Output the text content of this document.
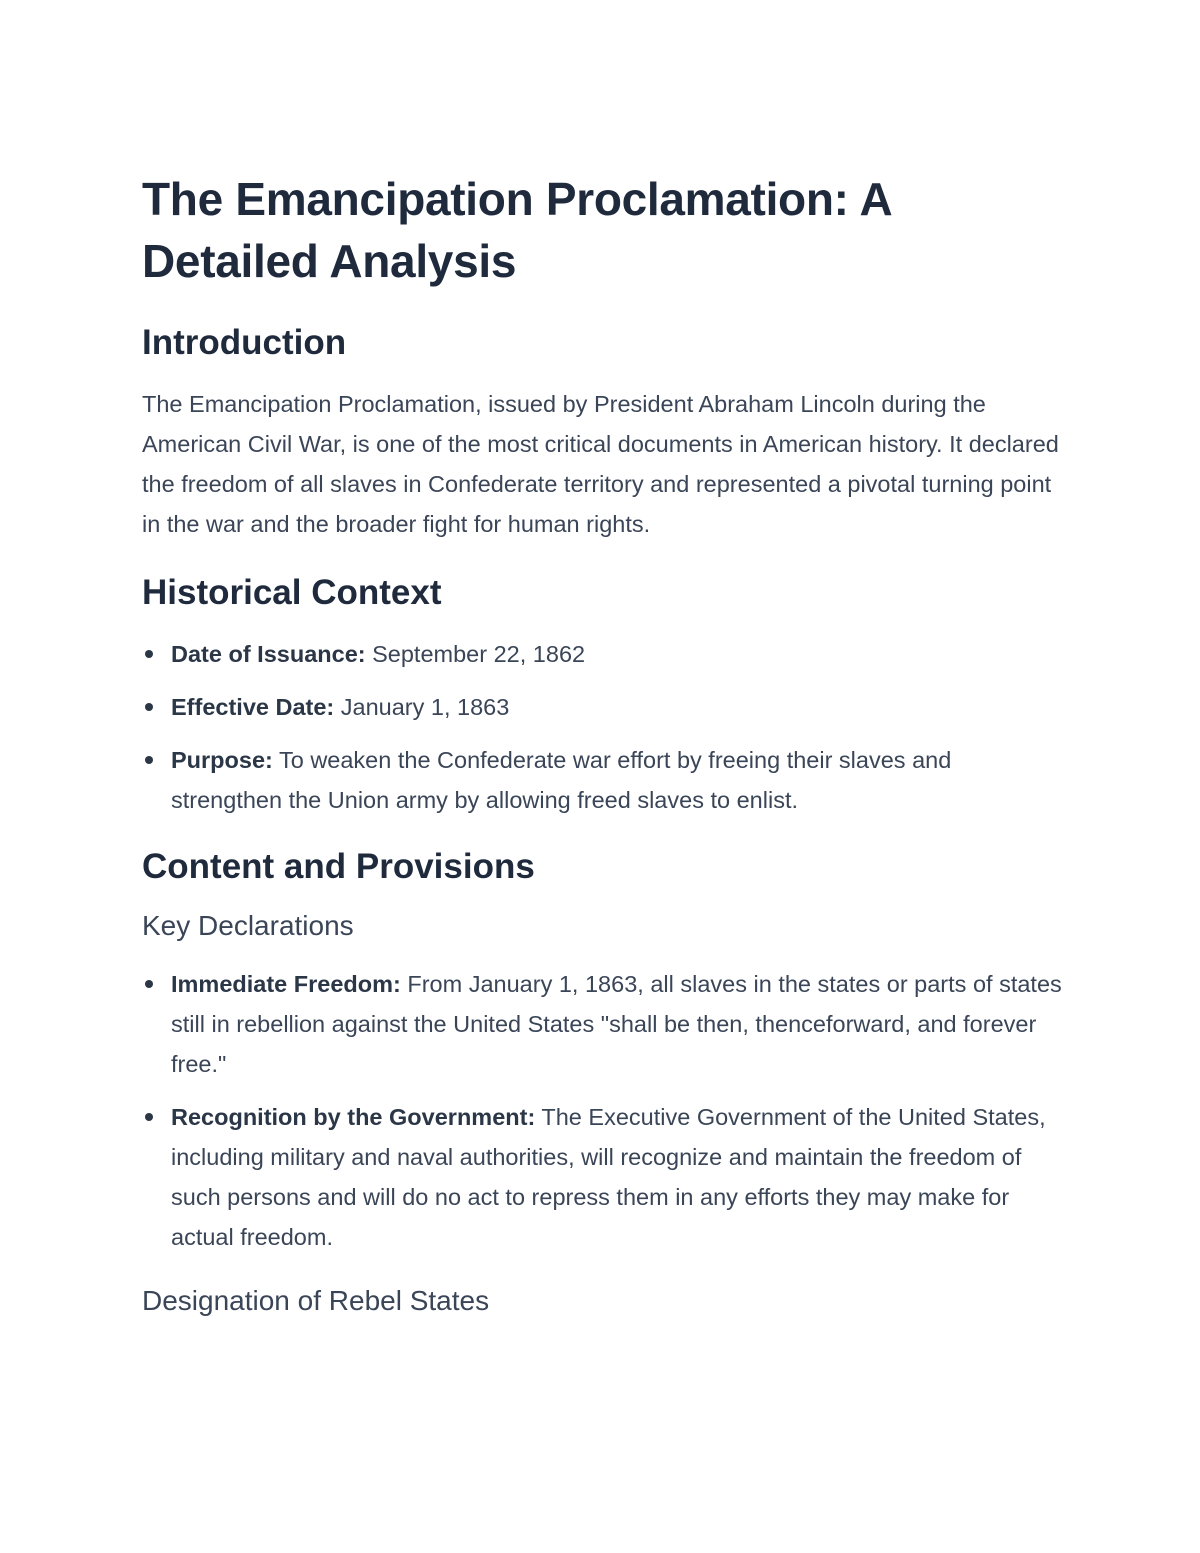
The Emancipation Proclamation: A Detailed Analysis
Introduction

The Emancipation Proclamation, issued by President Abraham Lincoln during the American Civil War, is one of the most critical documents in American history. It declared the freedom of all slaves in Confederate territory and represented a pivotal turning point in the war and the broader fight for human rights.

Historical Context
Date of Issuance: September 22, 1862
Effective Date: January 1, 1863
Purpose: To weaken the Confederate war effort by freeing their slaves and strengthen the Union army by allowing freed slaves to enlist.
Content and Provisions
Key Declarations
Immediate Freedom: From January 1, 1863, all slaves in the states or parts of states still in rebellion against the United States "shall be then, thenceforward, and forever free."
Recognition by the Government: The Executive Government of the United States, including military and naval authorities, will recognize and maintain the freedom of such persons and will do no act to repress them in any efforts they may make for actual freedom.
Designation of Rebel States
